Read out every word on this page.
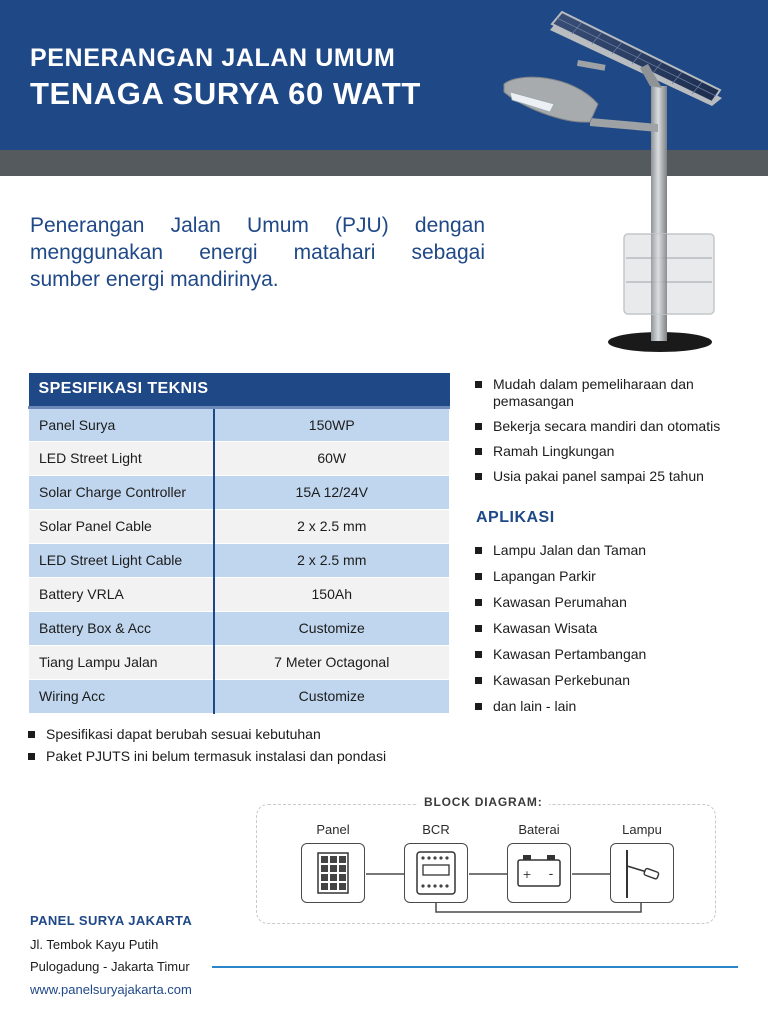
PENERANGAN JALAN UMUM
TENAGA SURYA 60 WATT
Penerangan Jalan Umum (PJU) dengan
menggunakan energi matahari sebagai
sumber energi mandirinya.
SPESIFIKASI TEKNIS	
Panel Surya	150WP
LED Street Light	60W
Solar Charge Controller	15A 12/24V
Solar Panel Cable	2 x 2.5 mm
LED Street Light Cable	2 x 2.5 mm
Battery VRLA	150Ah
Battery Box & Acc	Customize
Tiang Lampu Jalan	7 Meter Octagonal
Wiring Acc	Customize
Mudah dalam pemeliharaan dan pemasangan
Bekerja secara mandiri dan otomatis
Ramah Lingkungan
Usia pakai panel sampai 25 tahun
APLIKASI
Lampu Jalan dan Taman
Lapangan Parkir
Kawasan Perumahan
Kawasan Wisata
Kawasan Pertambangan
Kawasan Perkebunan
dan lain - lain
Spesifikasi dapat berubah sesuai kebutuhan
Paket PJUTS ini belum termasuk instalasi dan pondasi
BLOCK DIAGRAM:
Panel	BCR	Baterai	Lampu
+ -
PANEL SURYA JAKARTA
Jl. Tembok Kayu Putih
Pulogadung - Jakarta Timur
www.panelsuryajakarta.com
